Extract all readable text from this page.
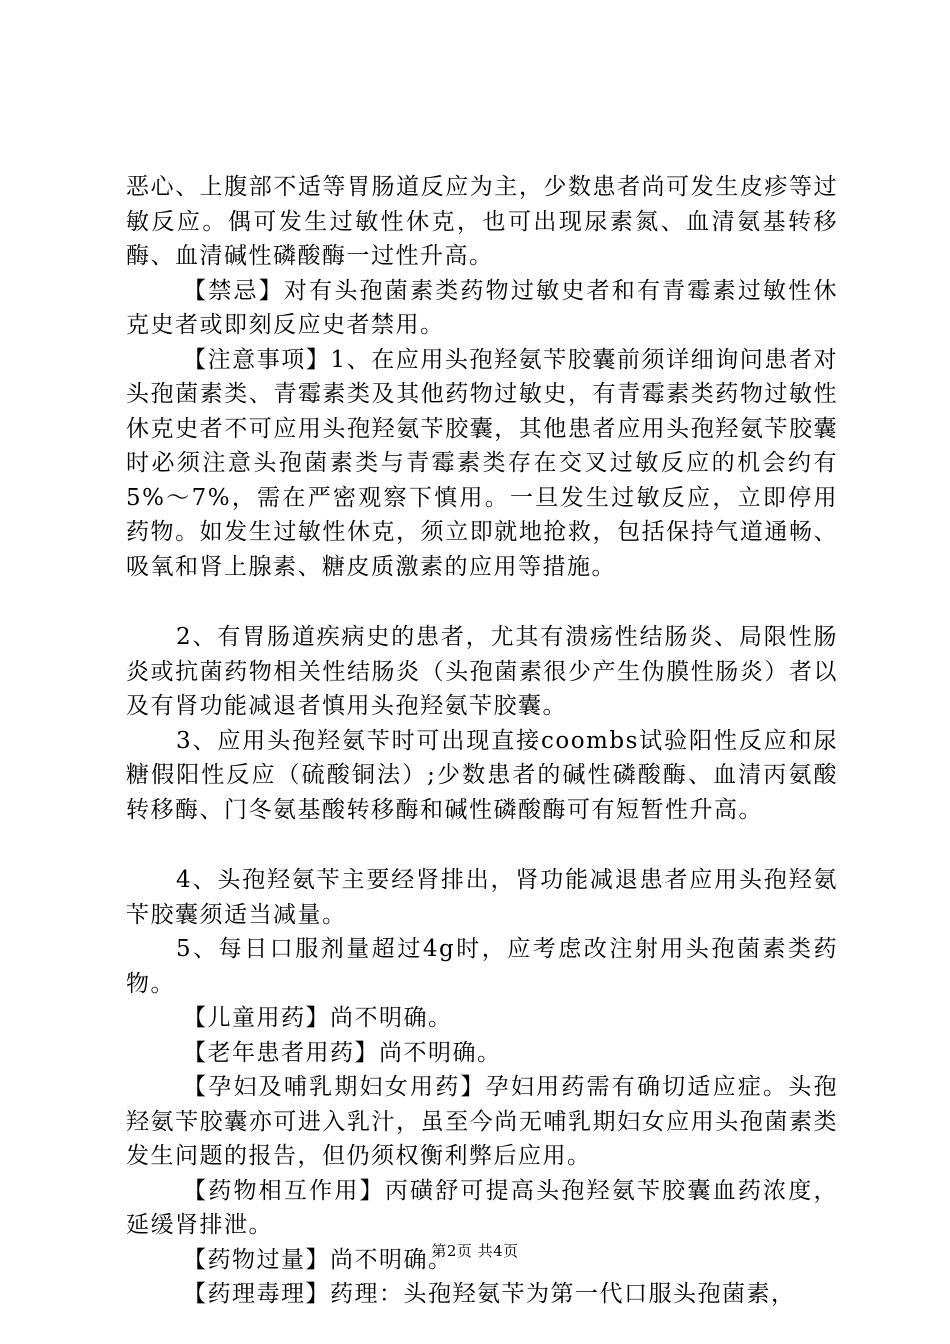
恶心、上腹部不适等胃肠道反应为主，少数患者尚可发生皮疹等过敏反应。偶可发生过敏性休克，也可出现尿素氮、血清氨基转移酶、血清碱性磷酸酶一过性升高。

【禁忌】对有头孢菌素类药物过敏史者和有青霉素过敏性休克史者或即刻反应史者禁用。

【注意事项】1、在应用头孢羟氨苄胶囊前须详细询问患者对头孢菌素类、青霉素类及其他药物过敏史，有青霉素类药物过敏性休克史者不可应用头孢羟氨苄胶囊，其他患者应用头孢羟氨苄胶囊时必须注意头孢菌素类与青霉素类存在交叉过敏反应的机会约有5%～7%，需在严密观察下慎用。一旦发生过敏反应，立即停用药物。如发生过敏性休克，须立即就地抢救，包括保持气道通畅、吸氧和肾上腺素、糖皮质激素的应用等措施。

2、有胃肠道疾病史的患者，尤其有溃疡性结肠炎、局限性肠炎或抗菌药物相关性结肠炎（头孢菌素很少产生伪膜性肠炎）者以及有肾功能减退者慎用头孢羟氨苄胶囊。

3、应用头孢羟氨苄时可出现直接coombs试验阳性反应和尿糖假阳性反应（硫酸铜法）;少数患者的碱性磷酸酶、血清丙氨酸转移酶、门冬氨基酸转移酶和碱性磷酸酶可有短暂性升高。

4、头孢羟氨苄主要经肾排出，肾功能减退患者应用头孢羟氨苄胶囊须适当减量。

5、每日口服剂量超过4g时，应考虑改注射用头孢菌素类药物。

【儿童用药】尚不明确。

【老年患者用药】尚不明确。

【孕妇及哺乳期妇女用药】孕妇用药需有确切适应症。头孢羟氨苄胶囊亦可进入乳汁，虽至今尚无哺乳期妇女应用头孢菌素类发生问题的报告，但仍须权衡利弊后应用。

【药物相互作用】丙磺舒可提高头孢羟氨苄胶囊血药浓度，延缓肾排泄。

【药物过量】尚不明确。

【药理毒理】药理：头孢羟氨苄为第一代口服头孢菌素，

第2页 共4页
